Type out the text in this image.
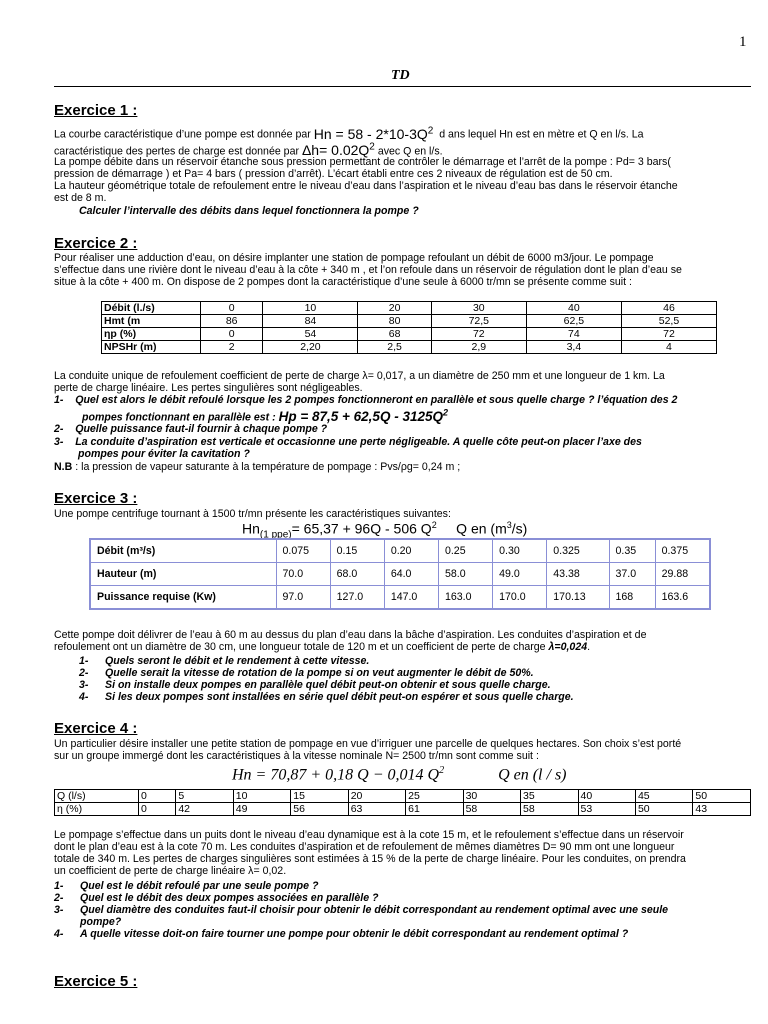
1
TD
Exercice 1 :
La courbe caractéristique d’une pompe est donnée par $Hn = 58 - 2*10-3Q^2$ d ans lequel Hn est en mètre et Q en l/s. La
caractéristique des pertes de charge est donnée par $\Delta h= 0.02Q^2$ avec Q en l/s.
La pompe débite dans un réservoir étanche sous pression permettant de contrôler le démarrage et l’arrêt de la pompe : Pd= 3 bars(
pression de démarrage ) et Pa= 4 bars ( pression d’arrêt). L’écart établi entre ces 2 niveaux de régulation est de 50 cm.
La hauteur géométrique totale de refoulement entre le niveau d’eau dans l’aspiration et le niveau d’eau bas dans le réservoir étanche
est de 8 m.
Calculer l’intervalle des débits dans lequel fonctionnera la pompe ?
Exercice 2 :
Pour réaliser une adduction d’eau, on désire implanter une station de pompage refoulant un débit de 6000 m3/jour. Le pompage
s’effectue dans une rivière dont le niveau d’eau à la côte + 340 m , et l’on refoule dans un réservoir de régulation dont le plan d’eau se
situe à la côte + 400 m. On dispose de 2 pompes dont la caractéristique d’une seule à 6000 tr/mn se présente comme suit :
Débit (l./s)	0	10	20	30	40	46
Hmt (m	86	84	80	72,5	62,5	52,5
ηp (%)	0	54	68	72	74	72
NPSHr (m)	2	2,20	2,5	2,9	3,4	4
La conduite unique de refoulement coefficient de perte de charge λ= 0,017, a un diamètre de 250 mm et une longueur de 1 km. La
perte de charge linéaire. Les pertes singulières sont négligeables.
1- Quel est alors le débit refoulé lorsque les 2 pompes fonctionneront en parallèle et sous quelle charge ? l’équation des 2
pompes fonctionnant en parallèle est : $Hp = 87,5 + 62,5Q - 3125Q^2$
2- Quelle puissance faut-il fournir à chaque pompe ?
3- La conduite d’aspiration est verticale et occasionne une perte négligeable. A quelle côte peut-on placer l’axe des
pompes pour éviter la cavitation ?
N.B : la pression de vapeur saturante à la température de pompage : Pvs/ρg= 0,24 m ;
Exercice 3 :
Une pompe centrifuge tournant à 1500 tr/mn présente les caractéristiques suivantes:
$Hn_{(1 ppe)}= 65,37 + 96Q - 506$ $Q^2$ Q en $(m^3/s)$
Débit (m³/s)	0.075	0.15	0.20	0.25	0.30	0.325	0.35	0.375
Hauteur (m)	70.0	68.0	64.0	58.0	49.0	43.38	37.0	29.88
Puissance requise (Kw)	97.0	127.0	147.0	163.0	170.0	170.13	168	163.6
Cette pompe doit délivrer de l’eau à 60 m au dessus du plan d’eau dans la bâche d’aspiration. Les conduites d’aspiration et de
refoulement ont un diamètre de 30 cm, une longueur totale de 120 m et un coefficient de perte de charge λ=0,024.
1- Quels seront le débit et le rendement à cette vitesse.
2- Quelle serait la vitesse de rotation de la pompe si on veut augmenter le débit de 50%.
3- Si on installe deux pompes en parallèle quel débit peut-on obtenir et sous quelle charge.
4- Si les deux pompes sont installées en série quel débit peut-on espérer et sous quelle charge.
Exercice 4 :
Un particulier désire installer une petite station de pompage en vue d’irriguer une parcelle de quelques hectares. Son choix s’est porté
sur un groupe immergé dont les caractéristiques à la vitesse nominale N= 2500 tr/mn sont comme suit :
Hn = 70,87 + 0,18 Q − 0,014 $Q^2$	Q en (l / s)
Q (l/s)	0	5	10	15	20	25	30	35	40	45	50
η (%)	0	42	49	56	63	61	58	58	53	50	43
Le pompage s’effectue dans un puits dont le niveau d’eau dynamique est à la cote 15 m, et le refoulement s’effectue dans un réservoir
dont le plan d’eau est à la cote 70 m. Les conduites d’aspiration et de refoulement de mêmes diamètres D= 90 mm ont une longueur
totale de 340 m. Les pertes de charges singulières sont estimées à 15 % de la perte de charge linéaire. Pour les conduites, on prendra
un coefficient de perte de charge linéaire λ= 0,02.
1- Quel est le débit refoulé par une seule pompe ?
2- Quel est le débit des deux pompes associées en parallèle ?
3- Quel diamètre des conduites faut-il choisir pour obtenir le débit correspondant au rendement optimal avec une seule
pompe?
4- A quelle vitesse doit-on faire tourner une pompe pour obtenir le débit correspondant au rendement optimal ?
Exercice 5 :
